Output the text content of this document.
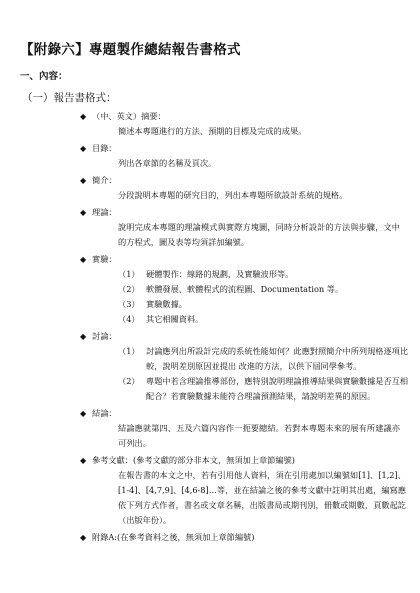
【附錄六】專題製作總結報告書格式
一、內容：
（一）報告書格式：
◆ （中、英文）摘要：
簡述本專題進行的方法、預期的目標及完成的成果。
◆ 目錄：
列出各章節的名稱及頁次。
◆ 簡介：
分段說明本專題的研究目的，列出本專題所欲設計系統的規格。
◆ 理論：
說明完成本專題的理論模式與實際方塊圖，同時分析設計的方法與步驟，文中的方程式，圖及表等均須詳加編號。
◆ 實驗：
（1） 硬體製作：線路的規劃，及實驗波形等。
（2） 軟體發展、軟體程式的流程圖、Documentation 等。
（3） 實驗數據。
（4） 其它相關資料。
◆ 討論：
（1） 討論應列出所設計完成的系統性能如何？此應對照簡介中所列規格逐項比較，說明差別原因並提出 改進的方法，以供下屆同學參考。
（2） 專題中若含理論推導部份，應特別說明理論推導結果與實驗數據是否互相配合？若實驗數據未能符合理論預測結果，請說明差異的原因。
◆ 結論：
結論應就第四、五及六篇內容作一扼要總結。若對本專題未來的展有所建議亦可列出。
◆ 參考文獻：(參考文獻的部分非本文，無須加上章節編號)
在報告書的本文之中，若有引用他人資料，須在引用處加以編號如[1]、[1,2]、[1-4]、[4,7,9]、[4,6-8]…等，並在結論之後的參考文獻中註明其出處，編寫應依下列方式作者，書名或文章名稱，出版書局或期刊別，冊數或期數，頁數起訖（出版年份）。
◆ 附錄A:(在參考資料之後，無須加上章節編號)
